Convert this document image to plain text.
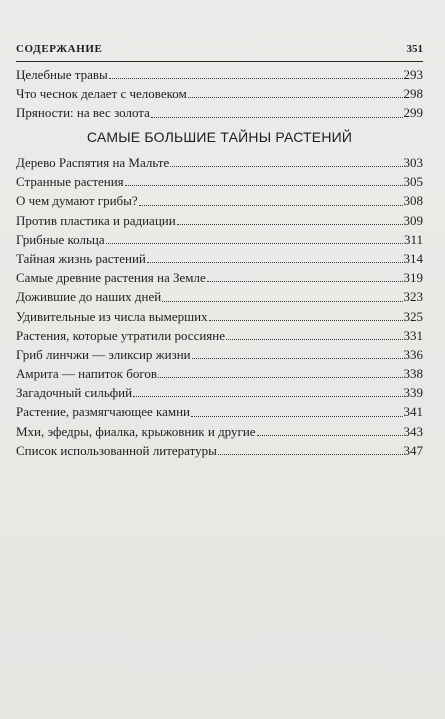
СОДЕРЖАНИЕ	351
Целебные травы	293
Что чеснок делает с человеком	298
Пряности: на вес золота	299
САМЫЕ БОЛЬШИЕ ТАЙНЫ РАСТЕНИЙ
Дерево Распятия на Мальте	303
Странные растения	305
О чем думают грибы?	308
Против пластика и радиации	309
Грибные кольца	311
Тайная жизнь растений	314
Самые древние растения на Земле	319
Дожившие до наших дней	323
Удивительные из числа вымерших	325
Растения, которые утратили россияне	331
Гриб линчжи — эликсир жизни	336
Амрита — напиток богов	338
Загадочный сильфий	339
Растение, размягчающее камни	341
Мхи, эфедры, фиалка, крыжовник и другие	343
Список использованной литературы	347
